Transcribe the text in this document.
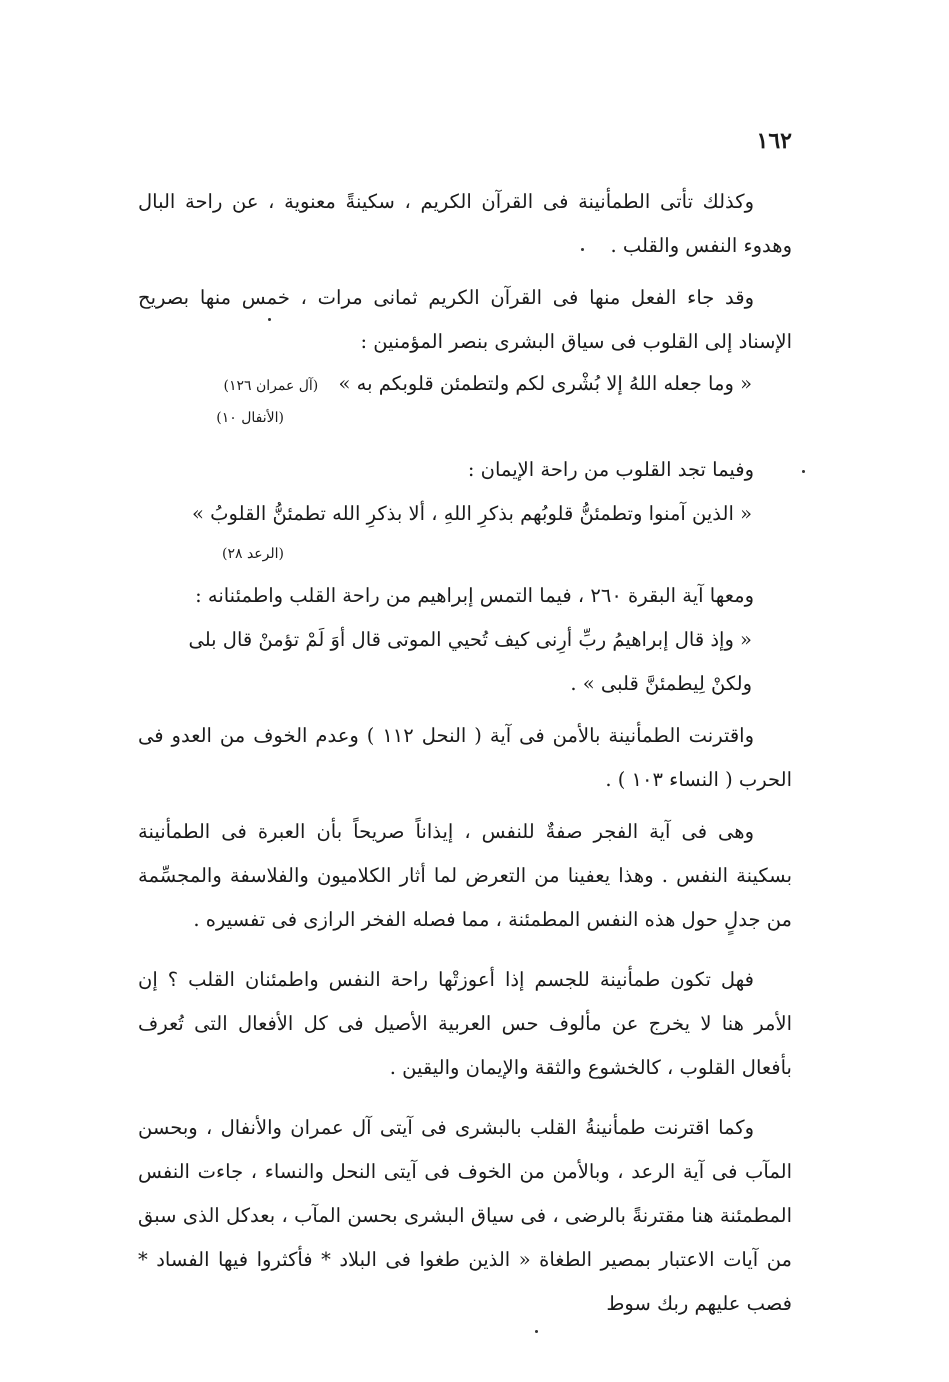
١٦٢

وكذلك تأتى الطمأنينة فى القرآن الكريم ، سكينةً معنوية ، عن راحة البال وهدوء النفس والقلب .

وقد جاء الفعل منها فى القرآن الكريم ثمانى مرات ، خمس منها بصريح الإسناد إلى القلوب فى سياق البشرى بنصر المؤمنين :

« وما جعله اللهُ إلا بُشْرى لكم ولتطمئن قلوبكم به » (آل عمران ١٢٦)

(الأنفال ١٠)

وفيما تجد القلوب من راحة الإيمان :

« الذين آمنوا وتطمئنُّ قلوبُهم بذكرِ اللهِ ، ألا بذكرِ الله تطمئنُّ القلوبُ »

(الرعد ٢٨)

ومعها آية البقرة ٢٦٠ ، فيما التمس إبراهيم من راحة القلب واطمئنانه :

« وإذ قال إبراهيمُ ربِّ أرِنى كيف تُحيي الموتى قال أوَ لَمْ تؤمنْ قال بلى

ولكنْ لِيطمئنَّ قلبى » .

واقترنت الطمأنينة بالأمن فى آية ( النحل ١١٢ ) وعدم الخوف من العدو فى الحرب ( النساء ١٠٣ ) .

وهى فى آية الفجر صفةٌ للنفس ، إيذاناً صريحاً بأن العبرة فى الطمأنينة بسكينة النفس . وهذا يعفينا من التعرض لما أثار الكلاميون والفلاسفة والمجسِّمة من جدلٍ حول هذه النفس المطمئنة ، مما فصله الفخر الرازى فى تفسيره .

فهل تكون طمأنينة للجسم إذا أعوزتْها راحة النفس واطمئنان القلب ؟ إن الأمر هنا لا يخرج عن مألوف حس العربية الأصيل فى كل الأفعال التى تُعرف بأفعال القلوب ، كالخشوع والثقة والإيمان واليقين .

وكما اقترنت طمأنينةُ القلب بالبشرى فى آيتى آل عمران والأنفال ، وبحسن المآب فى آية الرعد ، وبالأمن من الخوف فى آيتى النحل والنساء ، جاءت النفس المطمئنة هنا مقترنةً بالرضى ، فى سياق البشرى بحسن المآب ، بعدكل الذى سبق من آيات الاعتبار بمصير الطغاة « الذين طغوا فى البلاد * فأكثروا فيها الفساد * فصب عليهم ربك سوط
